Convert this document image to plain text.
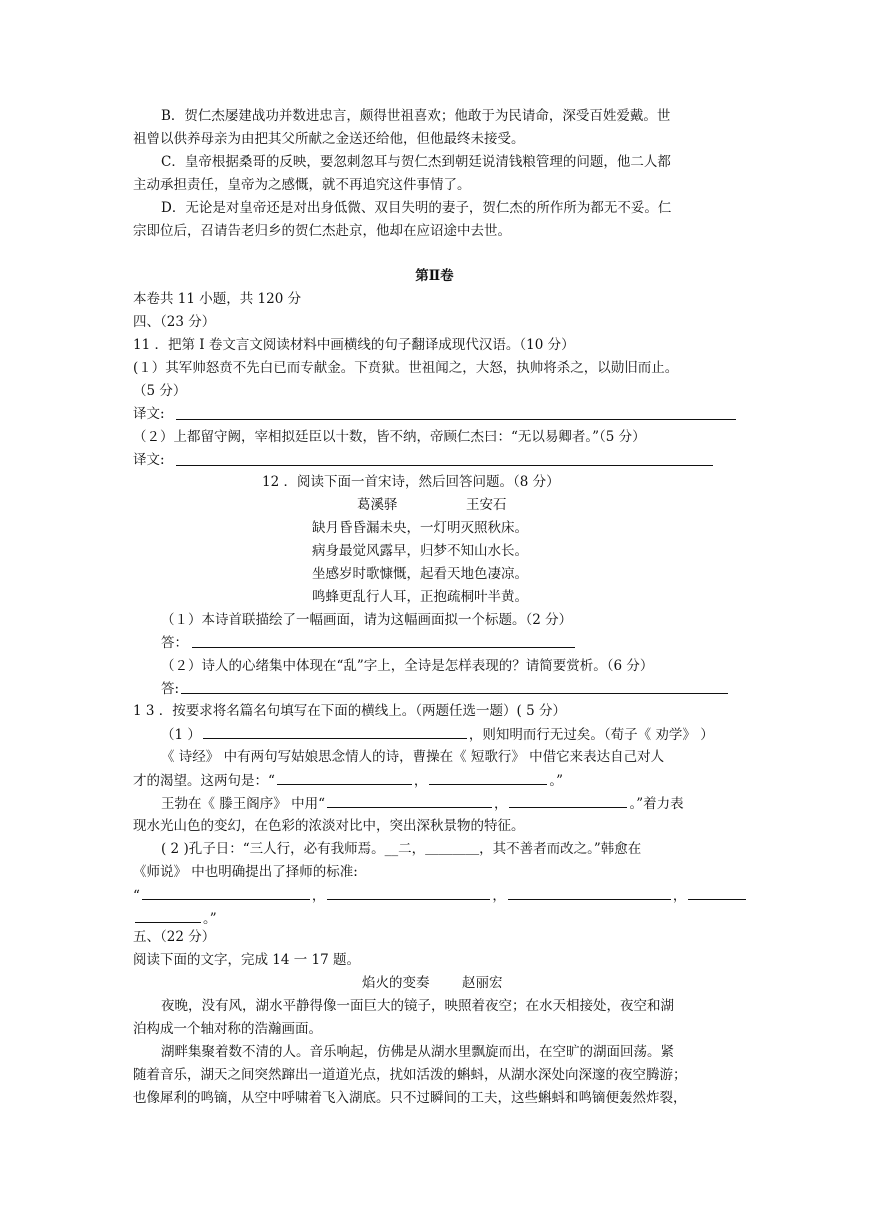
B．贺仁杰屡建战功并数进忠言，颇得世祖喜欢；他敢于为民请命，深受百姓爱戴。世
祖曾以供养母亲为由把其父所献之金送还给他，但他最终未接受。
C．皇帝根据桑哥的反映，要忽刺忽耳与贺仁杰到朝廷说清钱粮管理的问题，他二人都
主动承担责任，皇帝为之感慨，就不再追究这件事情了。
D．无论是对皇帝还是对出身低微、双目失明的妻子，贺仁杰的所作所为都无不妥。仁
宗即位后，召请告老归乡的贺仁杰赴京，他却在应诏途中去世。
第Ⅱ卷
本卷共 11 小题，共 120 分
四、（23 分）
11 ．把第 I 卷文言文阅读材料中画横线的句子翻译成现代汉语。（10 分）
(１）其军帅怒贲不先白已而专献金。下贲狱。世祖闻之，大怒，执帅将杀之，以勋旧而止。
（5 分）
译文:
（２）上都留守阙，宰相拟廷臣以十数，皆不纳，帝顾仁杰曰：“无以易卿者。”（5 分）
译文:
12 ．阅读下面一首宋诗，然后回答问题。（8 分）
葛溪驿	王安石
缺月昏昏漏未央，一灯明灭照秋床。
病身最觉风露早，归梦不知山水长。
坐感岁时歌慷慨，起看天地色凄凉。
鸣蜂更乱行人耳，正抱疏桐叶半黄。
（１）本诗首联描绘了一幅画面，请为这幅画面拟一个标题。（2 分）
答：
（２）诗人的心绪集中体现在“乱”字上，全诗是怎样表现的？请简要赏析。（6 分）
答:
1 3 ．按要求将名篇名句填写在下面的横线上。（两题任选一题）( 5 分）
（1 ）	，则知明而行无过矣。（荀子《 劝学》 ）
《 诗经》 中有两句写姑娘思念情人的诗，曹操在《 短歌行》 中借它来表达自己对人
才的渴望。这两句是：“	，	。”
王勃在《 滕王阁序》 中用“	，	。”着力表
现水光山色的变幻，在色彩的浓淡对比中，突出深秋景物的特征。
( 2 )孔子日：“三人行，必有我师焉。__二，＿＿＿＿，其不善者而改之。”韩愈在
《师说》 中也明确提出了择师的标准:
“	，	，	，
。”
五、（22 分）
阅读下面的文字，完成 14 一 17 题。
焰火的变奏 赵丽宏
夜晚，没有风，湖水平静得像一面巨大的镜子，映照着夜空；在水天相接处，夜空和湖
泊构成一个轴对称的浩瀚画面。
湖畔集聚着数不清的人。音乐响起，仿佛是从湖水里飘旋而出，在空旷的湖面回荡。紧
随着音乐，湖天之间突然蹿出一道道光点，扰如活泼的蝌蚪，从湖水深处向深邃的夜空腾游；
也像犀利的鸣镝，从空中呼啸着飞入湖底。只不过瞬间的工夫，这些蝌蚪和鸣镝便轰然炸裂，
